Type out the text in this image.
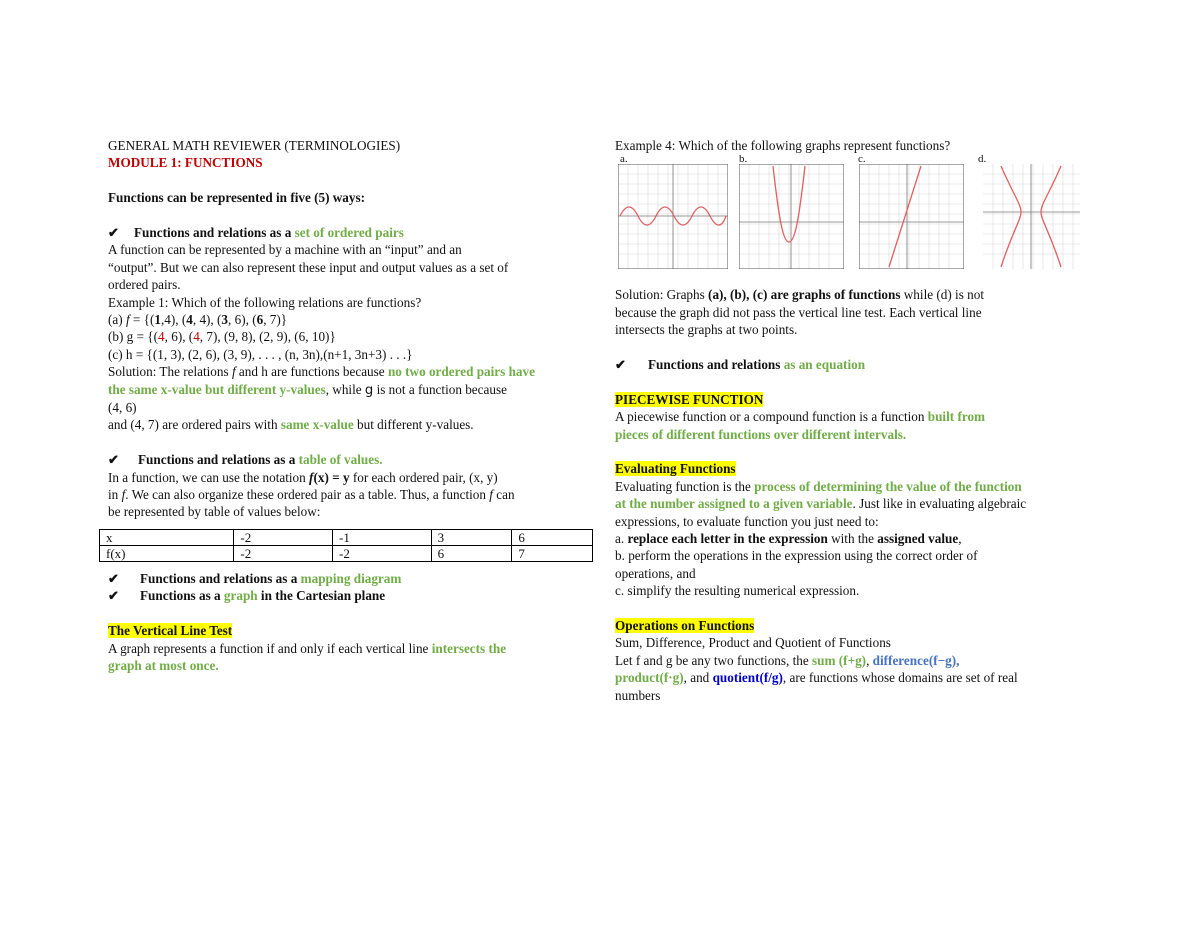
GENERAL MATH REVIEWER (TERMINOLOGIES)

MODULE 1: FUNCTIONS

Functions can be represented in five (5) ways:

✔ Functions and relations as a set of ordered pairs

A function can be represented by a machine with an “input” and an

“output”. But we can also represent these input and output values as a set of

ordered pairs.

Example 1: Which of the following relations are functions?

(a) f = {(1,4), (4, 4), (3, 6), (6, 7)}

(b) g = {(4, 6), (4, 7), (9, 8), (2, 9), (6, 10)}

(c) h = {(1, 3), (2, 6), (3, 9), . . . , (n, 3n),(n+1, 3n+3) . . .}

Solution: The relations f and h are functions because no two ordered pairs have
the same x-value but different y-values, while g is not a function because
(4, 6)
and (4, 7) are ordered pairs with same x-value but different y-values.

✔ Functions and relations as a table of values.

In a function, we can use the notation f(x) = y for each ordered pair, (x, y)

in f. We can also organize these ordered pair as a table. Thus, a function f can

be represented by table of values below:

x	-2	-1	3	6
f(x)	-2	-2	6	7

✔ Functions and relations as a mapping diagram

✔ Functions as a graph in the Cartesian plane

The Vertical Line Test

A graph represents a function if and only if each vertical line intersects the

graph at most once.

Example 4: Which of the following graphs represent functions?

a.	b.	c.	d.

Solution: Graphs (a), (b), (c) are graphs of functions while (d) is not

because the graph did not pass the vertical line test. Each vertical line

intersects the graphs at two points.

✔ Functions and relations as an equation

PIECEWISE FUNCTION

A piecewise function or a compound function is a function built from

pieces of different functions over different intervals.

Evaluating Functions

Evaluating function is the process of determining the value of the function

at the number assigned to a given variable. Just like in evaluating algebraic

expressions, to evaluate function you just need to:

a. replace each letter in the expression with the assigned value,

b. perform the operations in the expression using the correct order of

operations, and

c. simplify the resulting numerical expression.

Operations on Functions

Sum, Difference, Product and Quotient of Functions

Let f and g be any two functions, the sum (f+g), difference(f−g),

product(f·g), and quotient(f/g), are functions whose domains are set of real

numbers
